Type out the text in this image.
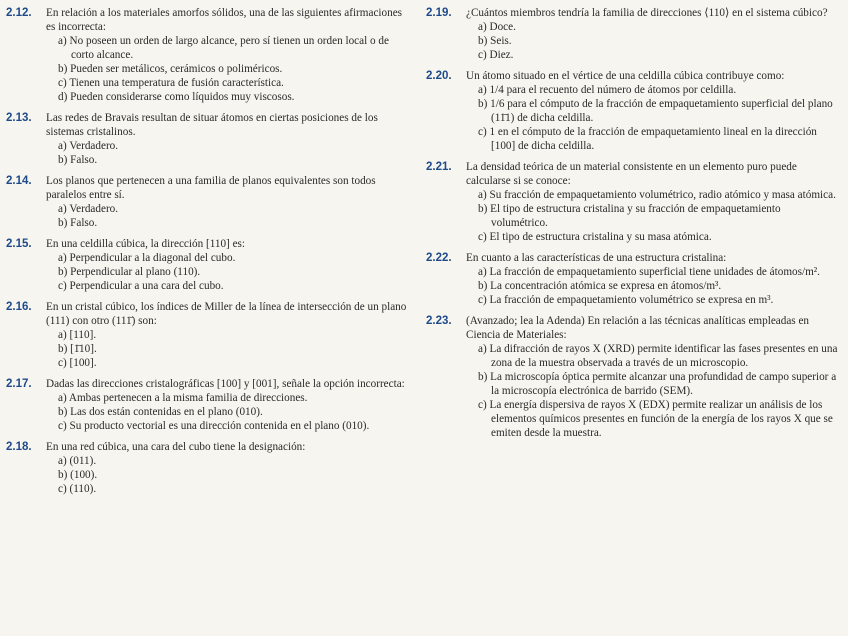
2.12.	En relación a los materiales amorfos sólidos, una de las siguientes afirmaciones es incorrecta:
a) No poseen un orden de largo alcance, pero sí tienen un orden local o de corto alcance.
b) Pueden ser metálicos, cerámicos o poliméricos.
c) Tienen una temperatura de fusión característica.
d) Pueden considerarse como líquidos muy viscosos.
2.13.	Las redes de Bravais resultan de situar átomos en ciertas posiciones de los sistemas cristalinos.
a) Verdadero.
b) Falso.
2.14.	Los planos que pertenecen a una familia de planos equivalentes son todos paralelos entre sí.
a) Verdadero.
b) Falso.
2.15.	En una celdilla cúbica, la dirección [110] es:
a) Perpendicular a la diagonal del cubo.
b) Perpendicular al plano (110).
c) Perpendicular a una cara del cubo.
2.16.	En un cristal cúbico, los índices de Miller de la línea de intersección de un plano (111) con otro (111̄) son:
a) [110].
b) [1̄10].
c) [100].
2.17.	Dadas las direcciones cristalográficas [100] y [001], señale la opción incorrecta:
a) Ambas pertenecen a la misma familia de direcciones.
b) Las dos están contenidas en el plano (010).
c) Su producto vectorial es una dirección contenida en el plano (010).
2.18.	En una red cúbica, una cara del cubo tiene la designación:
a) (011).
b) (100).
c) (110).
2.19.	¿Cuántos miembros tendría la familia de direcciones ⟨110⟩ en el sistema cúbico?
a) Doce.
b) Seis.
c) Diez.
2.20.	Un átomo situado en el vértice de una celdilla cúbica contribuye como:
a) 1/4 para el recuento del número de átomos por celdilla.
b) 1/6 para el cómputo de la fracción de empaquetamiento superficial del plano (11̄1) de dicha celdilla.
c) 1 en el cómputo de la fracción de empaquetamiento lineal en la dirección [100] de dicha celdilla.
2.21.	La densidad teórica de un material consistente en un elemento puro puede calcularse si se conoce:
a) Su fracción de empaquetamiento volumétrico, radio atómico y masa atómica.
b) El tipo de estructura cristalina y su fracción de empaquetamiento volumétrico.
c) El tipo de estructura cristalina y su masa atómica.
2.22.	En cuanto a las características de una estructura cristalina:
a) La fracción de empaquetamiento superficial tiene unidades de átomos/m².
b) La concentración atómica se expresa en átomos/m³.
c) La fracción de empaquetamiento volumétrico se expresa en m³.
2.23.	(Avanzado; lea la Adenda) En relación a las técnicas analíticas empleadas en Ciencia de Materiales:
a) La difracción de rayos X (XRD) permite identificar las fases presentes en una zona de la muestra observada a través de un microscopio.
b) La microscopía óptica permite alcanzar una profundidad de campo superior a la microscopía electrónica de barrido (SEM).
c) La energía dispersiva de rayos X (EDX) permite realizar un análisis de los elementos químicos presentes en función de la energía de los rayos X que se emiten desde la muestra.
